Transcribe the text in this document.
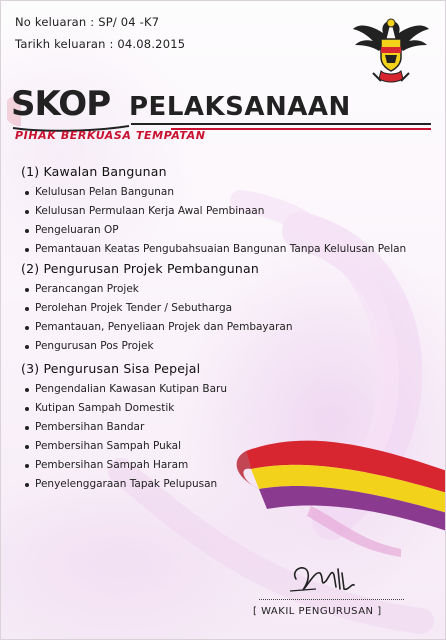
No keluaran : SP/ 04 -K7
Tarikh keluaran : 04.08.2015
SKOP PELAKSANAAN
PIHAK BERKUASA TEMPATAN
(1) Kawalan Bangunan
Kelulusan Pelan Bangunan
Kelulusan Permulaan Kerja Awal Pembinaan
Pengeluaran OP
Pemantauan Keatas Pengubahsuaian Bangunan Tanpa Kelulusan Pelan
(2) Pengurusan Projek Pembangunan
Perancangan Projek
Perolehan Projek Tender / Sebutharga
Pemantauan, Penyeliaan Projek dan Pembayaran
Pengurusan Pos Projek
(3) Pengurusan Sisa Pepejal
Pengendalian Kawasan Kutipan Baru
Kutipan Sampah Domestik
Pembersihan Bandar
Pembersihan Sampah Pukal
Pembersihan Sampah Haram
Penyelenggaraan Tapak Pelupusan
[ WAKIL PENGURUSAN ]
